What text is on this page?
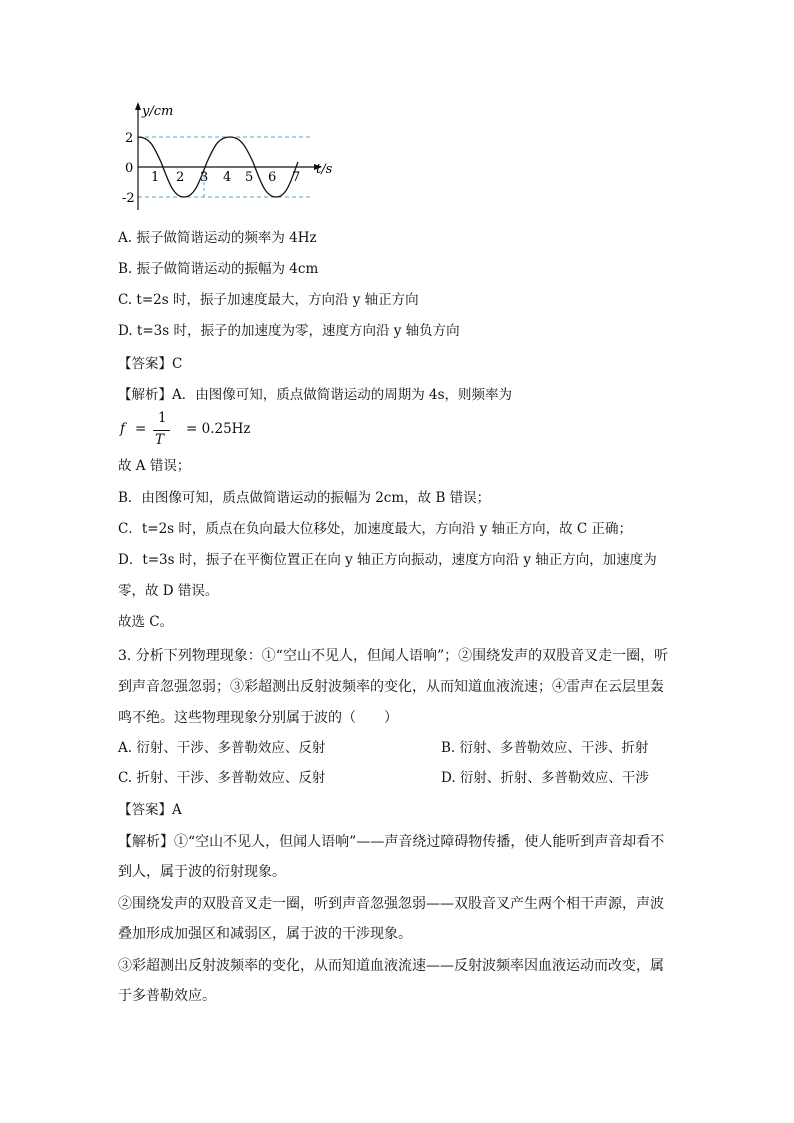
y/cm
t/s
2
0
-2
1 2 3 4 5 6 7
A. 振子做简谐运动的频率为 4Hz
B. 振子做简谐运动的振幅为 4cm
C. t=2s 时，振子加速度最大，方向沿 y 轴正方向
D. t=3s 时，振子的加速度为零，速度方向沿 y 轴负方向
【答案】C
【解析】A．由图像可知，质点做简谐运动的周期为 4s，则频率为
f =
1
T
= 0.25Hz
故 A 错误；
B．由图像可知，质点做简谐运动的振幅为 2cm，故 B 错误；
C．t=2s 时，质点在负向最大位移处，加速度最大，方向沿 y 轴正方向，故 C 正确；
D．t=3s 时，振子在平衡位置正在向 y 轴正方向振动，速度方向沿 y 轴正方向，加速度为
零，故 D 错误。
故选 C。
3. 分析下列物理现象：①“空山不见人，但闻人语响”；②围绕发声的双股音叉走一圈，听
到声音忽强忽弱；③彩超测出反射波频率的变化，从而知道血液流速；④雷声在云层里轰
鸣不绝。这些物理现象分别属于波的（　　）
A. 衍射、干涉、多普勒效应、反射	B. 衍射、多普勒效应、干涉、折射
C. 折射、干涉、多普勒效应、反射	D. 衍射、折射、多普勒效应、干涉
【答案】A
【解析】①“空山不见人，但闻人语响”——声音绕过障碍物传播，使人能听到声音却看不
到人，属于波的衍射现象。
②围绕发声的双股音叉走一圈，听到声音忽强忽弱——双股音叉产生两个相干声源，声波
叠加形成加强区和减弱区，属于波的干涉现象。
③彩超测出反射波频率的变化，从而知道血液流速——反射波频率因血液运动而改变，属
于多普勒效应。
